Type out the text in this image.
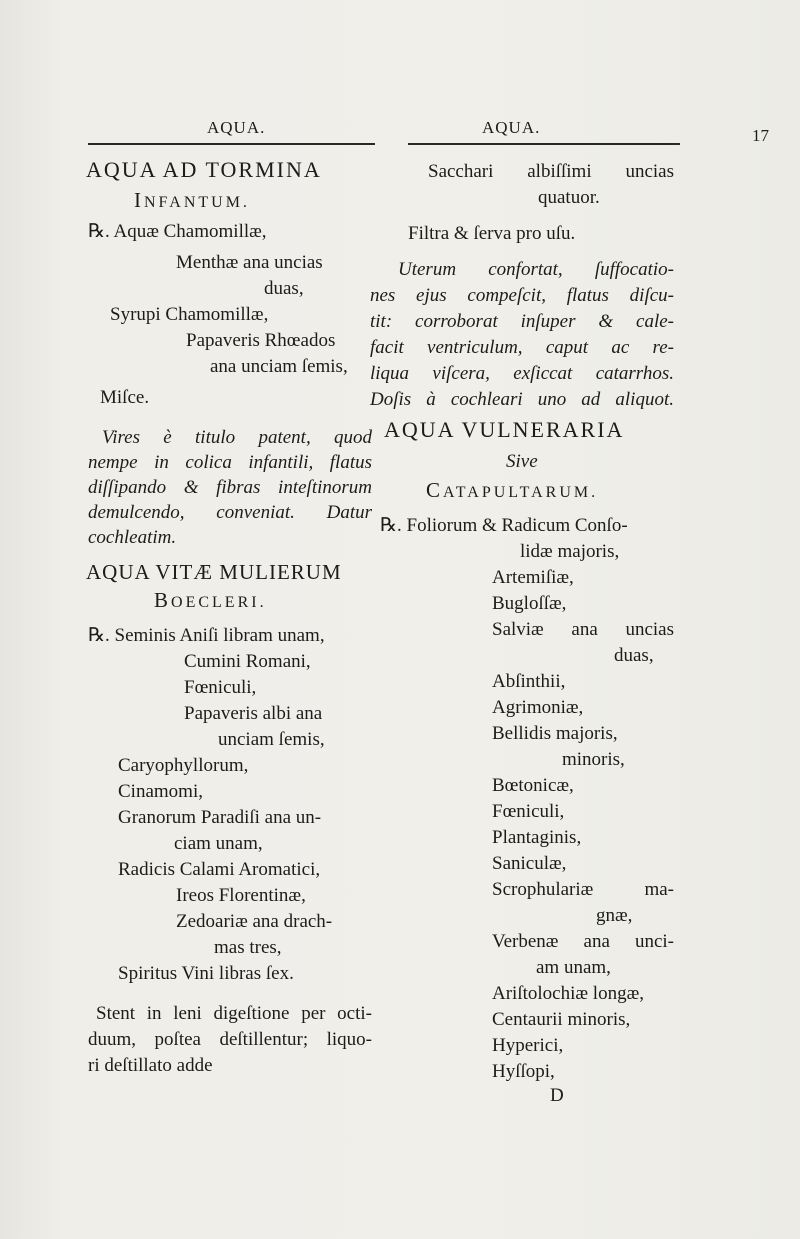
AQUA.	AQUA.	17
AQUA AD TORMINA
INFANTUM.
℞. Aquæ Chamomillæ,
Menthæ ana uncias
duas,
Syrupi Chamomillæ,
Papaveris Rhœados
ana unciam ſemis,
Miſce.
Vires è titulo patent, quod
nempe in colica infantili, flatus
diſſipando & fibras inteſtinorum
demulcendo, conveniat. Datur
cochleatim.
AQUA VITÆ MULIERUM
BOECLERI.
℞. Seminis Aniſi libram unam,
Cumini Romani,
Fœniculi,
Papaveris albi ana
unciam ſemis,
Caryophyllorum,
Cinamomi,
Granorum Paradiſi ana un-
ciam unam,
Radicis Calami Aromatici,
Ireos Florentinæ,
Zedoariæ ana drach-
mas tres,
Spiritus Vini libras ſex.
Stent in leni digeſtione per octi-
duum, poſtea deſtillentur; liquo-
ri deſtillato adde
Sacchari albiſſimi uncias
quatuor.
Filtra & ſerva pro uſu.
Uterum confortat, ſuffocatio-
nes ejus compeſcit, flatus diſcu-
tit: corroborat inſuper & cale-
facit ventriculum, caput ac re-
liqua viſcera, exſiccat catarrhos.
Doſis à cochleari uno ad aliquot.
AQUA VULNERARIA
Sive
CATAPULTARUM.
℞. Foliorum & Radicum Conſo-
lidæ majoris,
Artemiſiæ,
Bugloſſæ,
Salviæ ana uncias
duas,
Abſinthii,
Agrimoniæ,
Bellidis majoris,
minoris,
Bœtonicæ,
Fœniculi,
Plantaginis,
Saniculæ,
Scrophulariæ ma-
gnæ,
Verbenæ ana unci-
am unam,
Ariſtolochiæ longæ,
Centaurii minoris,
Hyperici,
Hyſſopi,
D
